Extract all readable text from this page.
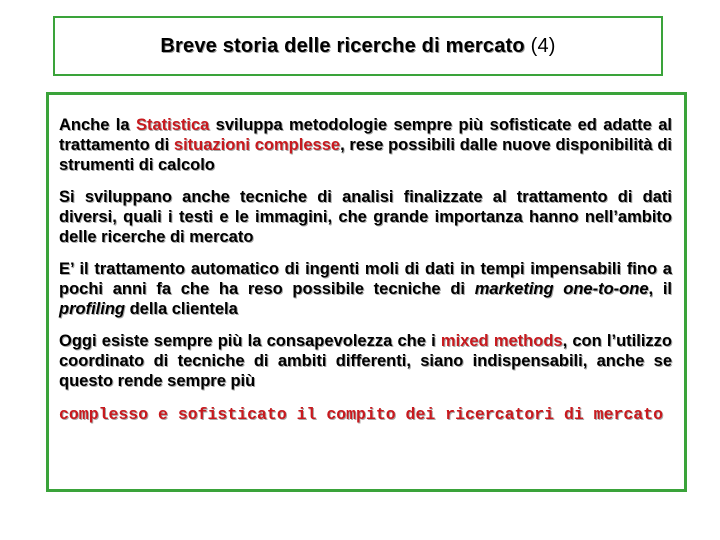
Breve storia delle ricerche di mercato (4)

Anche la Statistica sviluppa metodologie sempre più sofisticate ed adatte al trattamento di situazioni complesse, rese possibili dalle nuove disponibilità di strumenti di calcolo

Si sviluppano anche tecniche di analisi finalizzate al trattamento di dati diversi, quali i testi e le immagini, che grande importanza hanno nell’ambito delle ricerche di mercato

E’ il trattamento automatico di ingenti moli di dati in tempi impensabili fino a pochi anni fa che ha reso possibile tecniche di marketing one-to-one, il profiling della clientela

Oggi esiste sempre più la consapevolezza che i mixed methods, con l’utilizzo coordinato di tecniche di ambiti differenti, siano indispensabili, anche se questo rende sempre più

complesso e sofisticato il compito dei ricercatori di mercato
